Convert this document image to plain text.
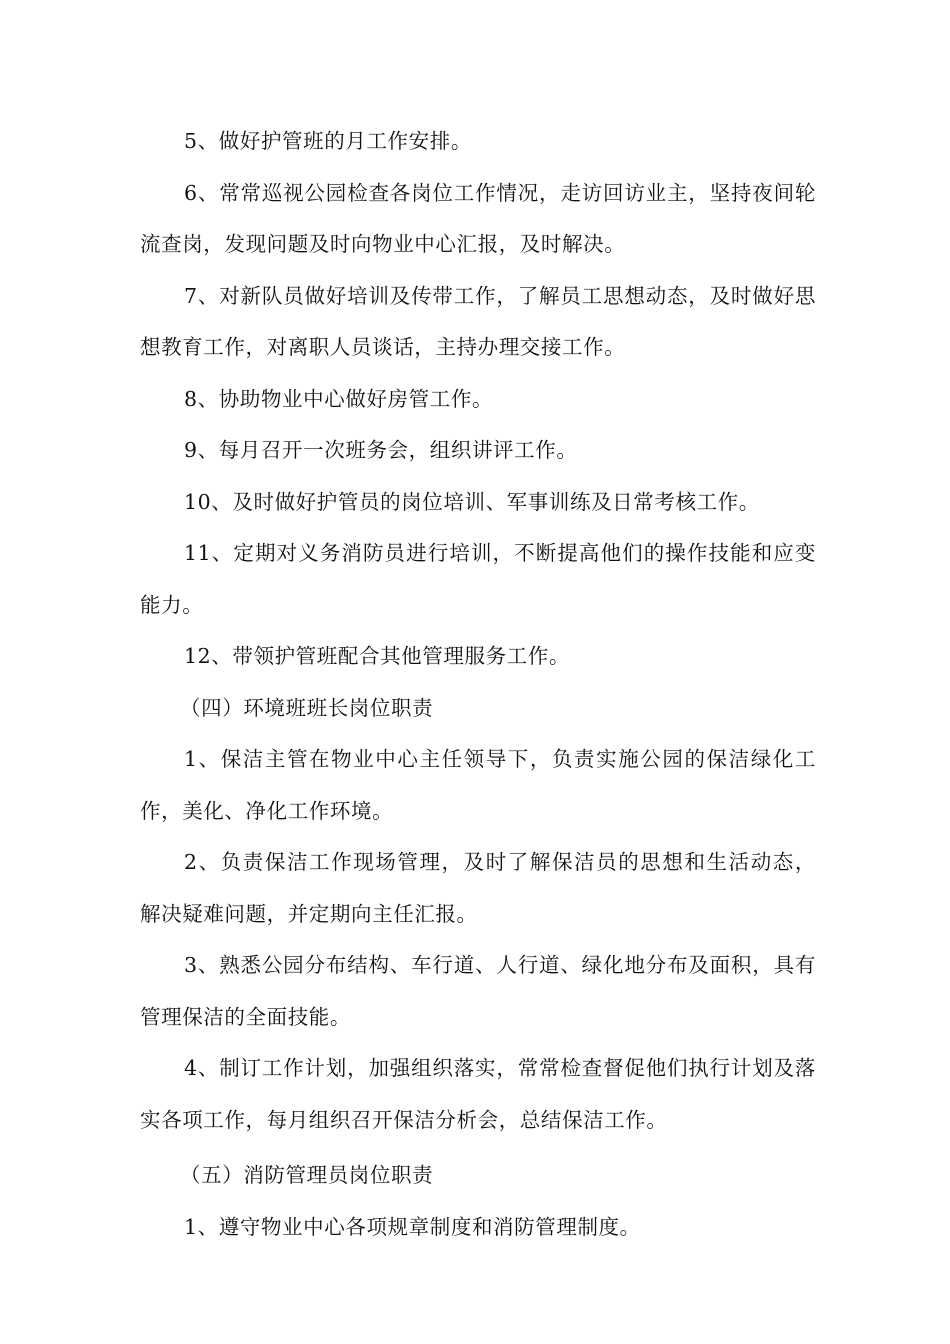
5、做好护管班的月工作安排。

6、常常巡视公园检查各岗位工作情况，走访回访业主，坚持夜间轮流查岗，发现问题及时向物业中心汇报，及时解决。

7、对新队员做好培训及传带工作，了解员工思想动态，及时做好思想教育工作，对离职人员谈话，主持办理交接工作。

8、协助物业中心做好房管工作。

9、每月召开一次班务会，组织讲评工作。

10、及时做好护管员的岗位培训、军事训练及日常考核工作。

11、定期对义务消防员进行培训，不断提高他们的操作技能和应变能力。

12、带领护管班配合其他管理服务工作。

（四）环境班班长岗位职责

1、保洁主管在物业中心主任领导下，负责实施公园的保洁绿化工作，美化、净化工作环境。

2、负责保洁工作现场管理，及时了解保洁员的思想和生活动态， 解决疑难问题，并定期向主任汇报。

3、熟悉公园分布结构、车行道、人行道、绿化地分布及面积，具有管理保洁的全面技能。

4、制订工作计划，加强组织落实，常常检查督促他们执行计划及落实各项工作，每月组织召开保洁分析会，总结保洁工作。

（五）消防管理员岗位职责

1、遵守物业中心各项规章制度和消防管理制度。
